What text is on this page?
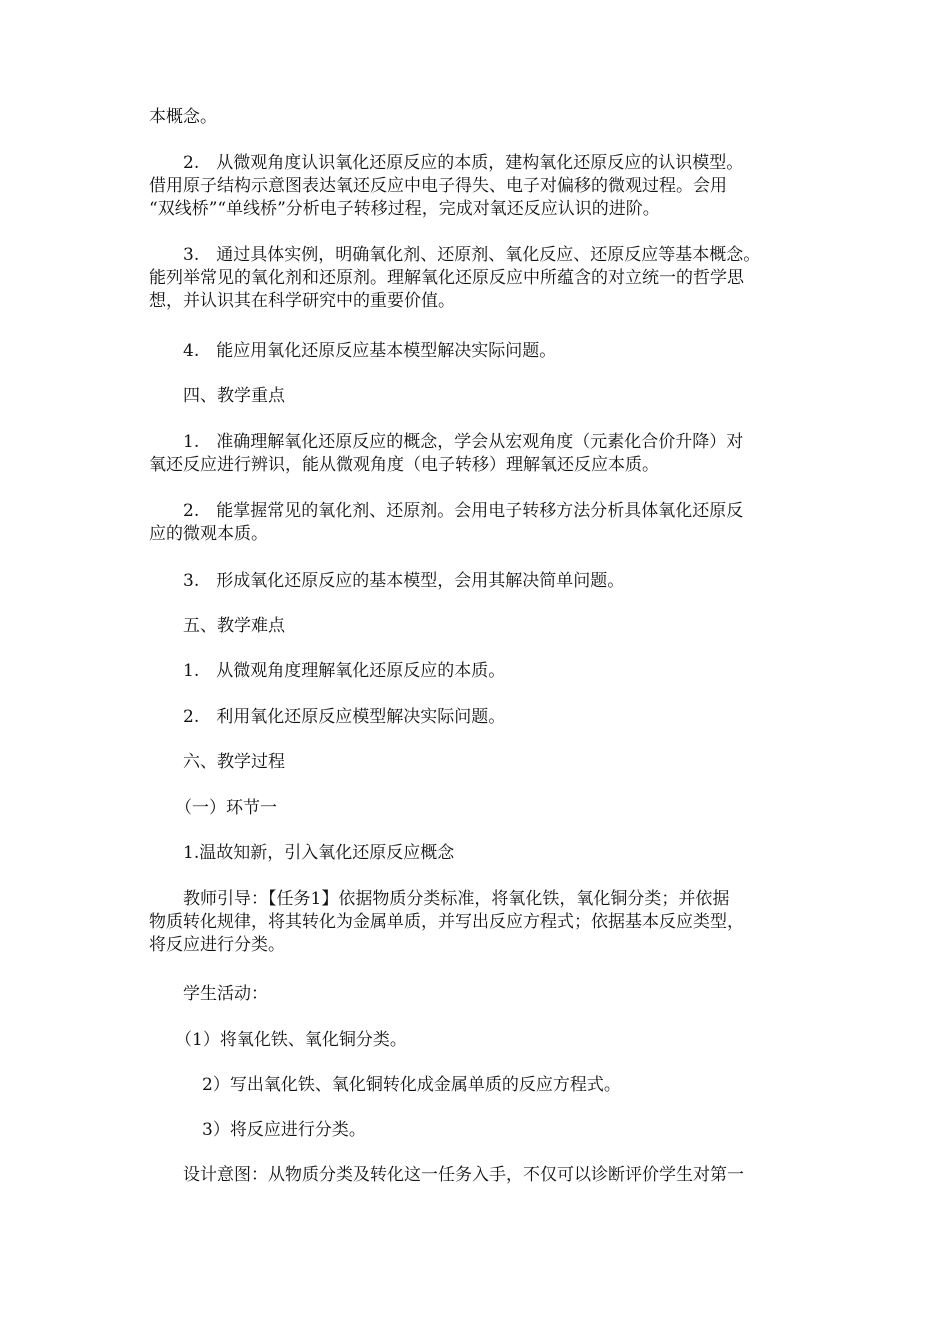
本概念。

2.　从微观角度认识氧化还原反应的本质，建构氧化还原反应的认识模型。
借用原子结构示意图表达氧还反应中电子得失、电子对偏移的微观过程。会用
“双线桥”“单线桥”分析电子转移过程，完成对氧还反应认识的进阶。

3.　通过具体实例，明确氧化剂、还原剂、氧化反应、还原反应等基本概念。
能列举常见的氧化剂和还原剂。理解氧化还原反应中所蕴含的对立统一的哲学思
想，并认识其在科学研究中的重要价值。

4.　能应用氧化还原反应基本模型解决实际问题。

四、教学重点

1.　准确理解氧化还原反应的概念，学会从宏观角度（元素化合价升降）对
氧还反应进行辨识，能从微观角度（电子转移）理解氧还反应本质。

2.　能掌握常见的氧化剂、还原剂。会用电子转移方法分析具体氧化还原反
应的微观本质。

3.　形成氧化还原反应的基本模型，会用其解决简单问题。

五、教学难点

1.　从微观角度理解氧化还原反应的本质。

2.　利用氧化还原反应模型解决实际问题。

六、教学过程

（一）环节一

1.温故知新，引入氧化还原反应概念

教师引导：【任务1】依据物质分类标准，将氧化铁，氧化铜分类；并依据
物质转化规律，将其转化为金属单质，并写出反应方程式；依据基本反应类型，
将反应进行分类。

学生活动：

（1）将氧化铁、氧化铜分类。

2）写出氧化铁、氧化铜转化成金属单质的反应方程式。

3）将反应进行分类。

设计意图：从物质分类及转化这一任务入手，不仅可以诊断评价学生对第一
